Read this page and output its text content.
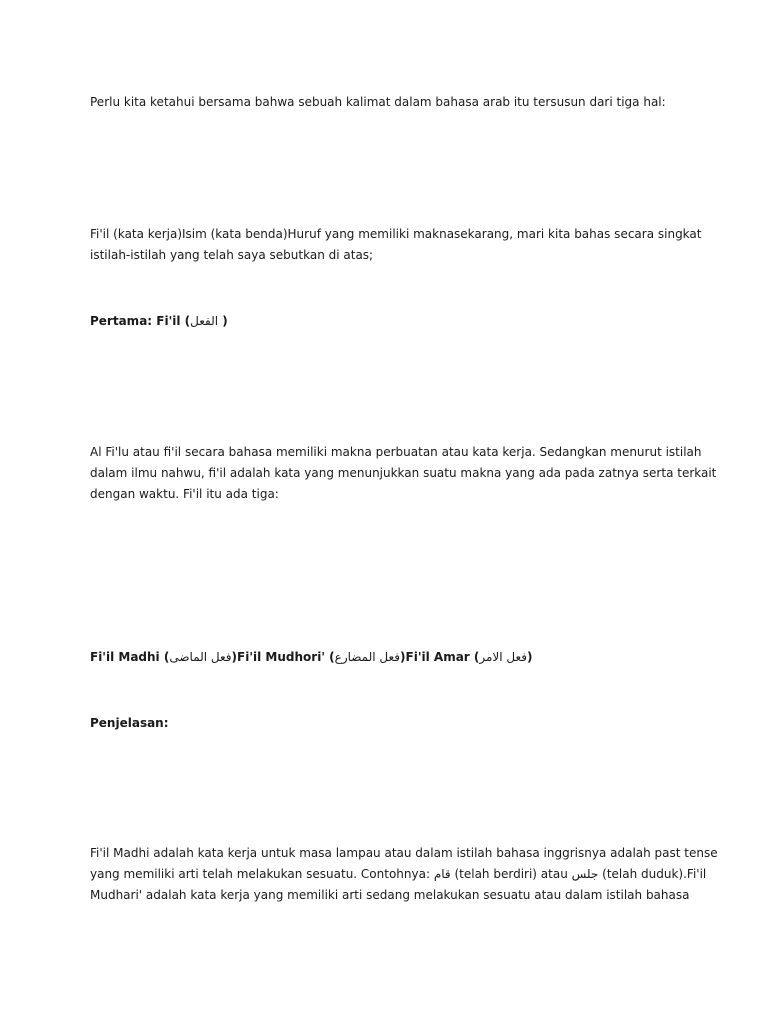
Perlu kita ketahui bersama bahwa sebuah kalimat dalam bahasa arab itu tersusun dari tiga hal:

Fi'il (kata kerja)Isim (kata benda)Huruf yang memiliki maknasekarang, mari kita bahas secara singkat
istilah-istilah yang telah saya sebutkan di atas;

Pertama: Fi'il (الفعل )

Al Fi'lu atau fi'il secara bahasa memiliki makna perbuatan atau kata kerja. Sedangkan menurut istilah
dalam ilmu nahwu, fi'il adalah kata yang menunjukkan suatu makna yang ada pada zatnya serta terkait
dengan waktu. Fi'il itu ada tiga:

Fi'il Madhi (فعل الماضى)Fi'il Mudhori' (فعل المضارع)Fi'il Amar (فعل الامر)

Penjelasan:

Fi'il Madhi adalah kata kerja untuk masa lampau atau dalam istilah bahasa inggrisnya adalah past tense
yang memiliki arti telah melakukan sesuatu. Contohnya: قام (telah berdiri) atau جلس (telah duduk).Fi'il
Mudhari' adalah kata kerja yang memiliki arti sedang melakukan sesuatu atau dalam istilah bahasa
